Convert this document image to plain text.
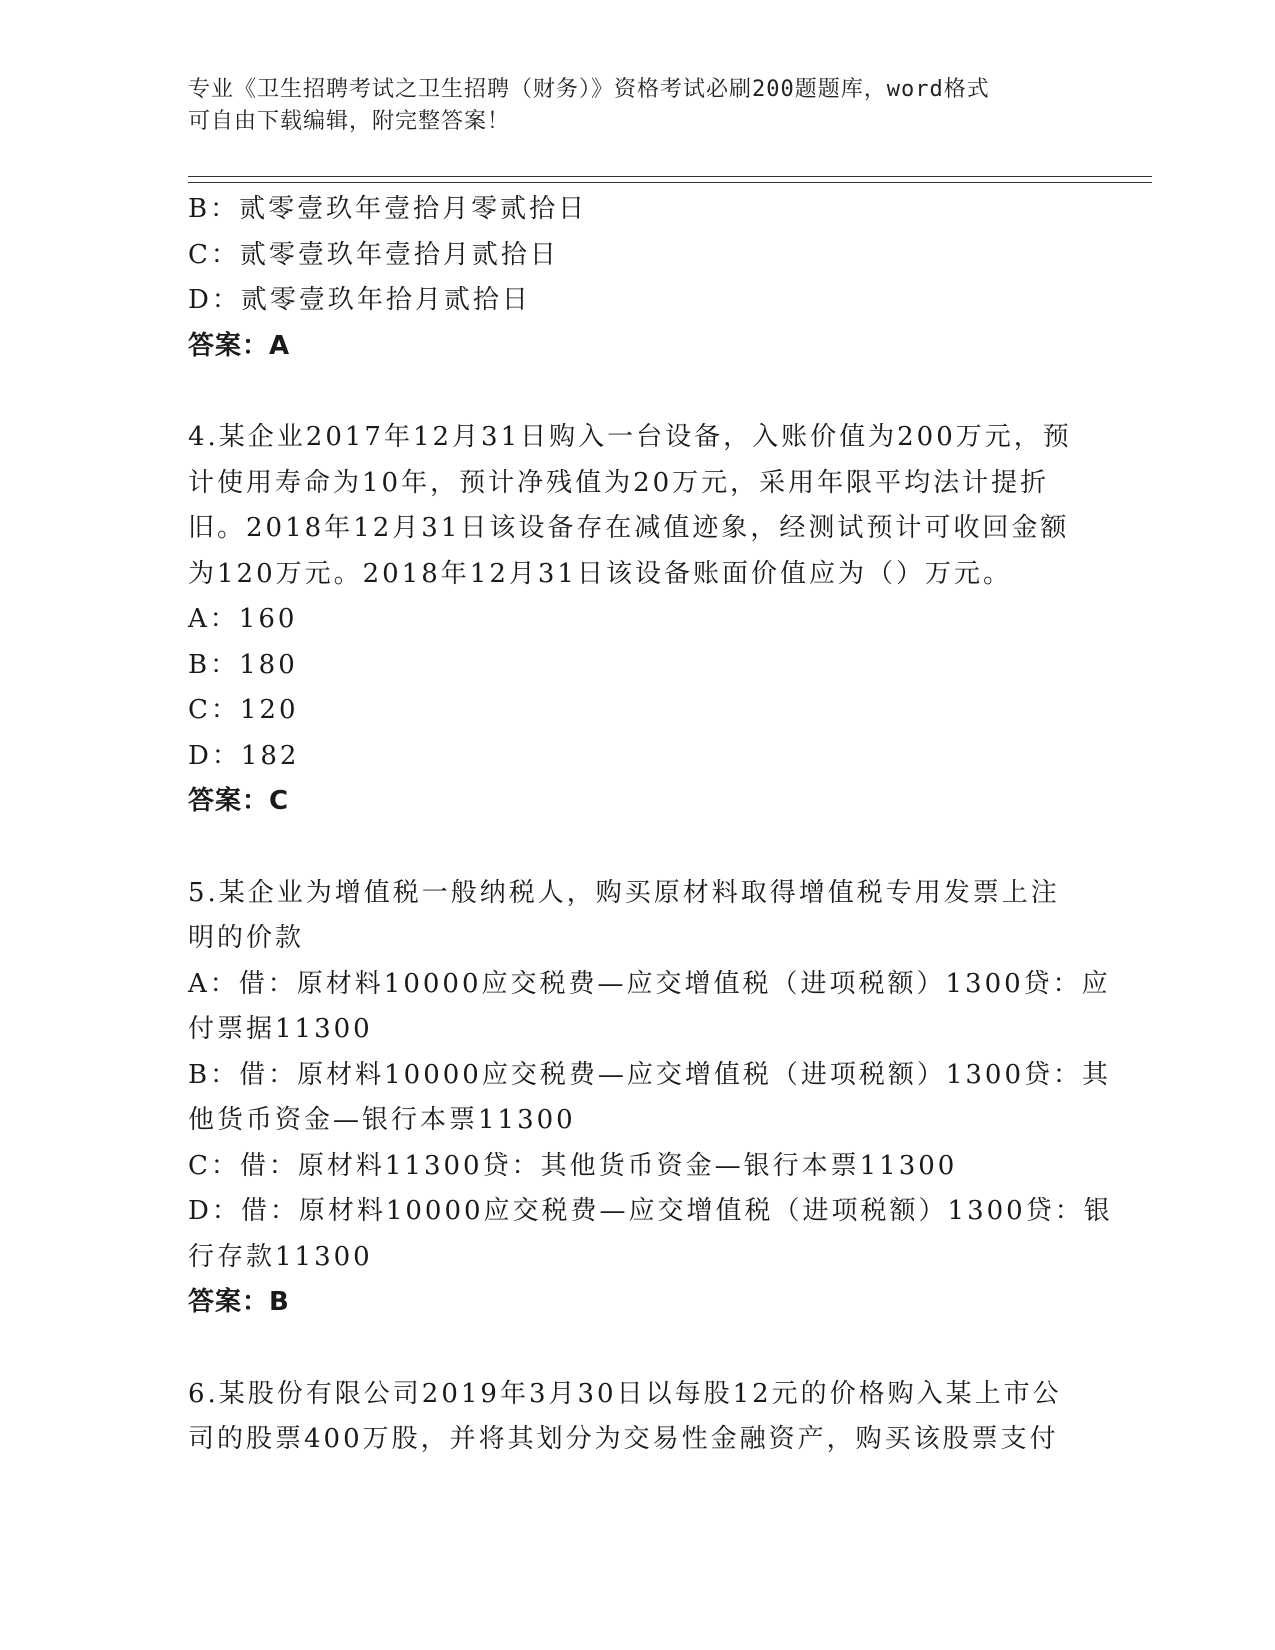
专业《卫生招聘考试之卫生招聘（财务）》资格考试必刷200题题库，word格式
可自由下载编辑，附完整答案！
B：贰零壹玖年壹拾月零贰拾日
C：贰零壹玖年壹拾月贰拾日
D：贰零壹玖年拾月贰拾日
答案：A
4.某企业2017年12月31日购入一台设备，入账价值为200万元，预
计使用寿命为10年，预计净残值为20万元，采用年限平均法计提折
旧。2018年12月31日该设备存在减值迹象，经测试预计可收回金额
为120万元。2018年12月31日该设备账面价值应为（）万元。
A：160
B：180
C：120
D：182
答案：C
5.某企业为增值税一般纳税人，购买原材料取得增值税专用发票上注
明的价款
A：借：原材料10000应交税费—应交增值税（进项税额）1300贷：应
付票据11300
B：借：原材料10000应交税费—应交增值税（进项税额）1300贷：其
他货币资金—银行本票11300
C：借：原材料11300贷：其他货币资金—银行本票11300
D：借：原材料10000应交税费—应交增值税（进项税额）1300贷：银
行存款11300
答案：B
6.某股份有限公司2019年3月30日以每股12元的价格购入某上市公
司的股票400万股，并将其划分为交易性金融资产，购买该股票支付
